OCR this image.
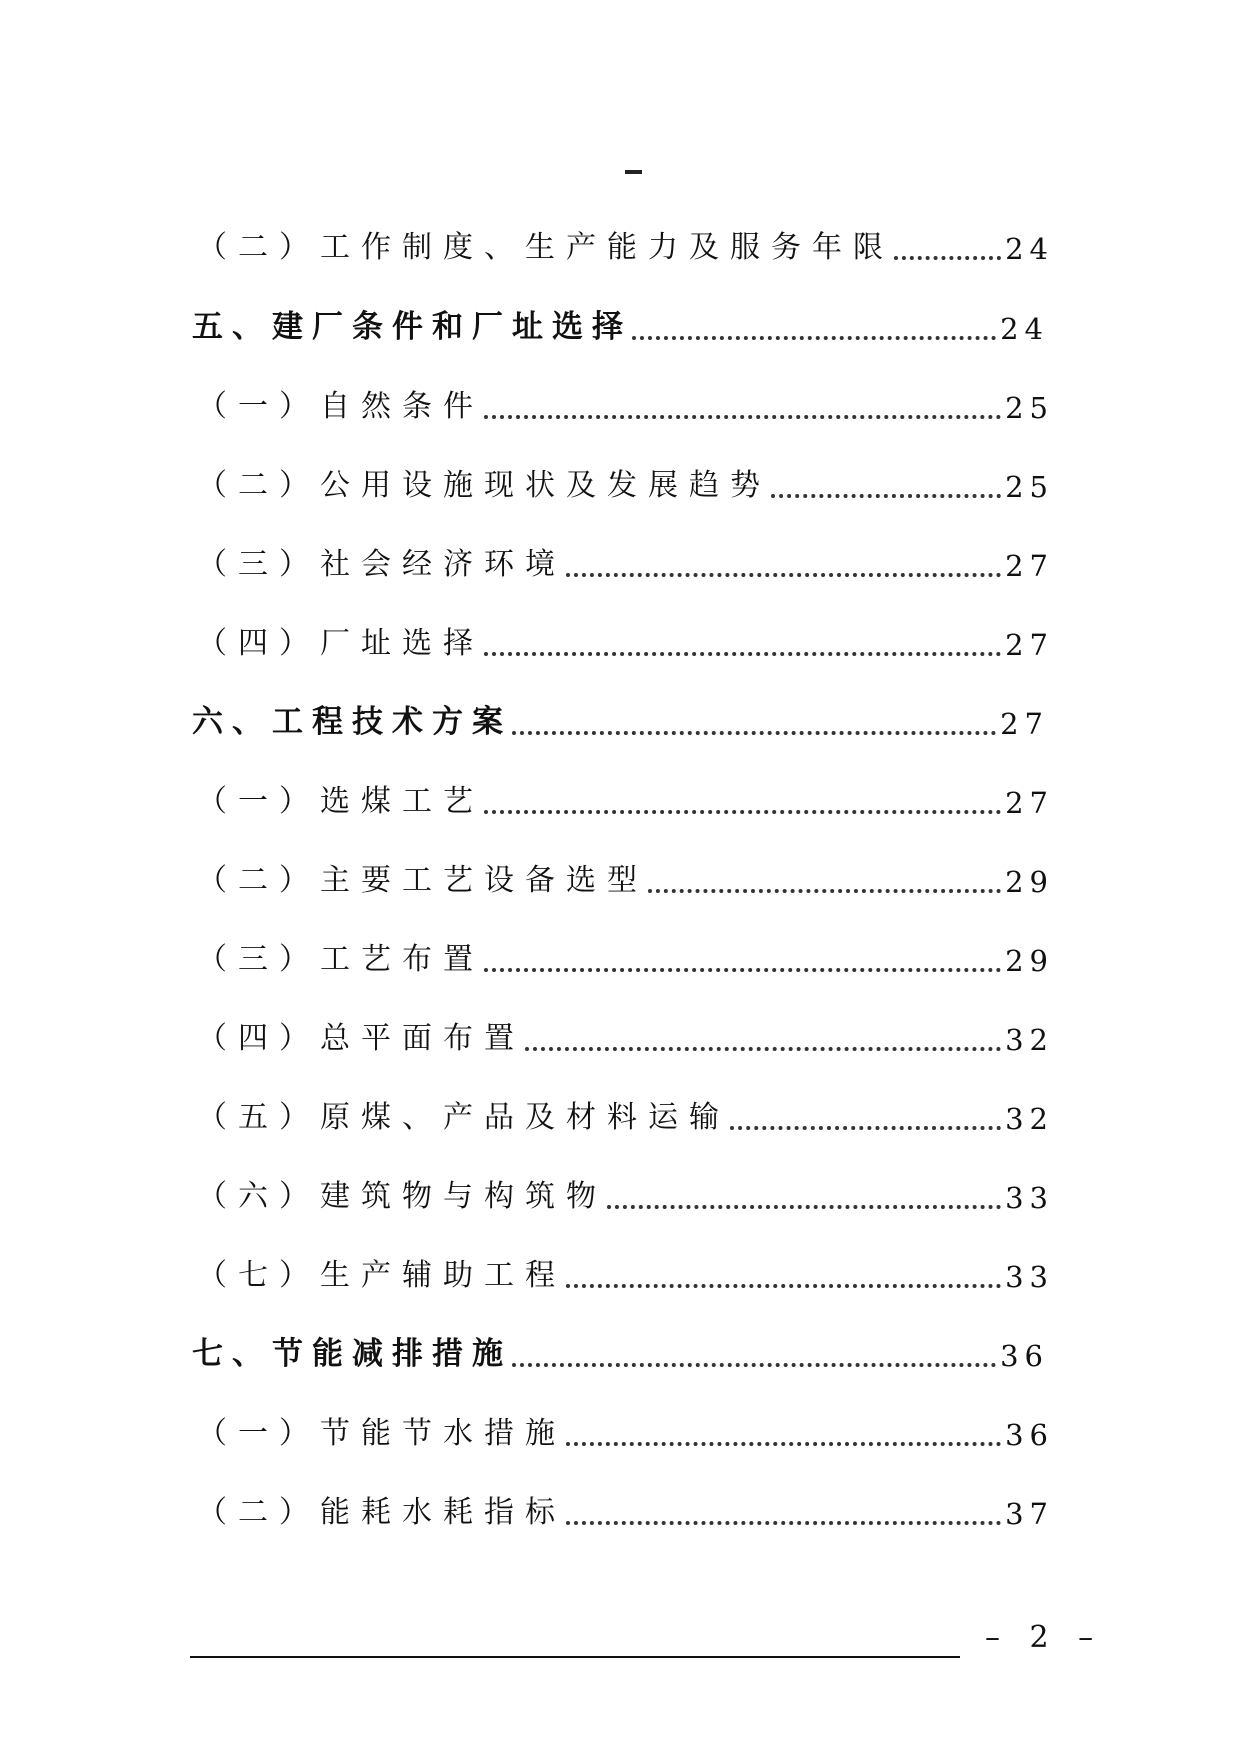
（二）工作制度、生产能力及服务年限	24
五、建厂条件和厂址选择	24
（一）自然条件	25
（二）公用设施现状及发展趋势	25
（三）社会经济环境	27
（四）厂址选择	27
六、工程技术方案	27
（一）选煤工艺	27
（二）主要工艺设备选型	29
（三）工艺布置	29
（四）总平面布置	32
（五）原煤、产品及材料运输	32
（六）建筑物与构筑物	33
（七）生产辅助工程	33
七、节能减排措施	36
（一）节能节水措施	36
（二）能耗水耗指标	37
– 2 –
